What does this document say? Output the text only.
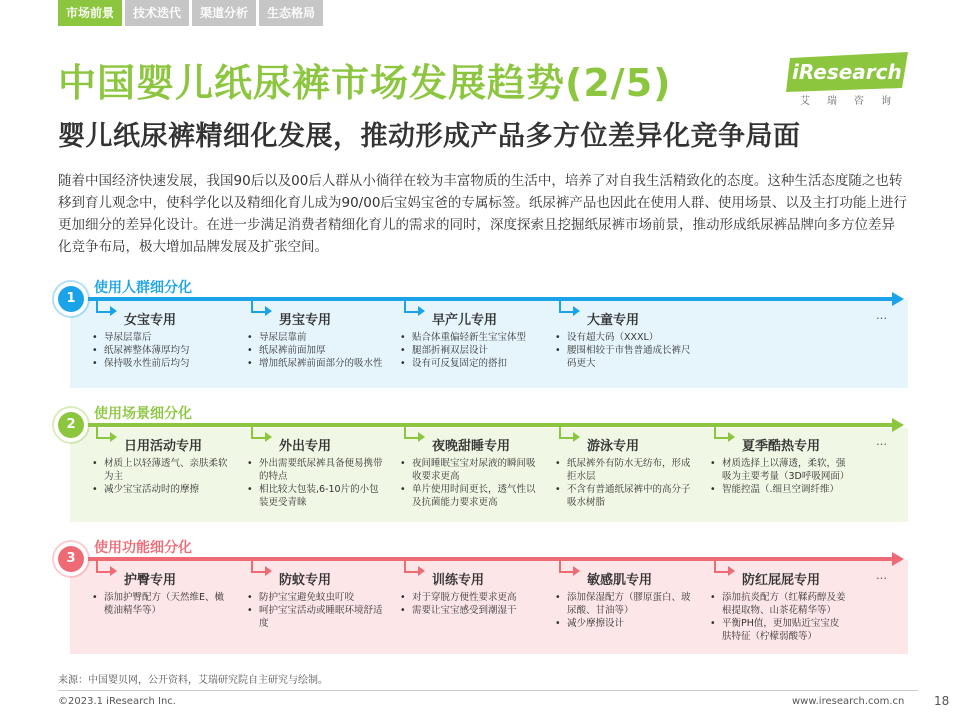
市场前景	技术迭代	渠道分析	生态格局
中国婴儿纸尿裤市场发展趋势(2/5)
婴儿纸尿裤精细化发展，推动形成产品多方位差异化竞争局面
iResearch
艾瑞咨询
随着中国经济快速发展，我国90后以及00后人群从小徜徉在较为丰富物质的生活中，培养了对自我生活精致化的态度。这种生活态度随之也转移到育儿观念中，使科学化以及精细化育儿成为90/00后宝妈宝爸的专属标签。纸尿裤产品也因此在使用人群、使用场景、以及主打功能上进行更加细分的差异化设计。在进一步满足消费者精细化育儿的需求的同时，深度探索且挖掘纸尿裤市场前景，推动形成纸尿裤品牌向多方位差异化竞争布局，极大增加品牌发展及扩张空间。
1
使用人群细分化
女宝专用
• 导尿层靠后
• 纸尿裤整体薄厚均匀
• 保持吸水性前后均匀
男宝专用
• 导尿层靠前
• 纸尿裤前面加厚
• 增加纸尿裤前面部分的吸水性
早产儿专用
• 贴合体重偏轻新生宝宝体型
• 腿部折裥双层设计
• 设有可反复固定的搭扣
大童专用
• 设有超大码（XXXL）
• 腰围相较于市售普通成长裤尺码更大
…
2
使用场景细分化
日用活动专用
• 材质上以轻薄透气、亲肤柔软为主
• 减少宝宝活动时的摩擦
外出专用
• 外出需要纸尿裤具备便易携带的特点
• 相比较大包装,6-10片的小包装更受青睐
夜晚甜睡专用
• 夜间睡眠宝宝对尿液的瞬间吸收要求更高
• 单片使用时间更长，透气性以及抗菌能力要求更高
游泳专用
• 纸尿裤外有防水无纺布，形成拒水层
• 不含有普通纸尿裤中的高分子吸水树脂
夏季酷热专用
• 材质选择上以薄透，柔软，强吸为主要考量（3D呼吸网面）
• 智能控温（.细旦空调纤维）
…
3
使用功能细分化
护臀专用
• 添加护臀配方（天然维E、橄榄油精华等）
防蚊专用
• 防护宝宝避免蚊虫叮咬
• 呵护宝宝活动或睡眠环境舒适度
训练专用
• 对于穿脱方便性要求更高
• 需要让宝宝感受到潮湿干
敏感肌专用
• 添加保湿配方（膠原蛋白、玻尿酸、甘油等）
• 减少摩擦设计
防红屁屁专用
• 添加抗炎配方（红鞣药醇及姜根提取物、山茶花精华等）
• 平衡PH值，更加贴近宝宝皮肤特征（柠檬弱酸等）
…
来源：中国婴贝网，公开资料，艾瑞研究院自主研究与绘制。
©2023.1 iResearch Inc.	www.iresearch.com.cn 18
